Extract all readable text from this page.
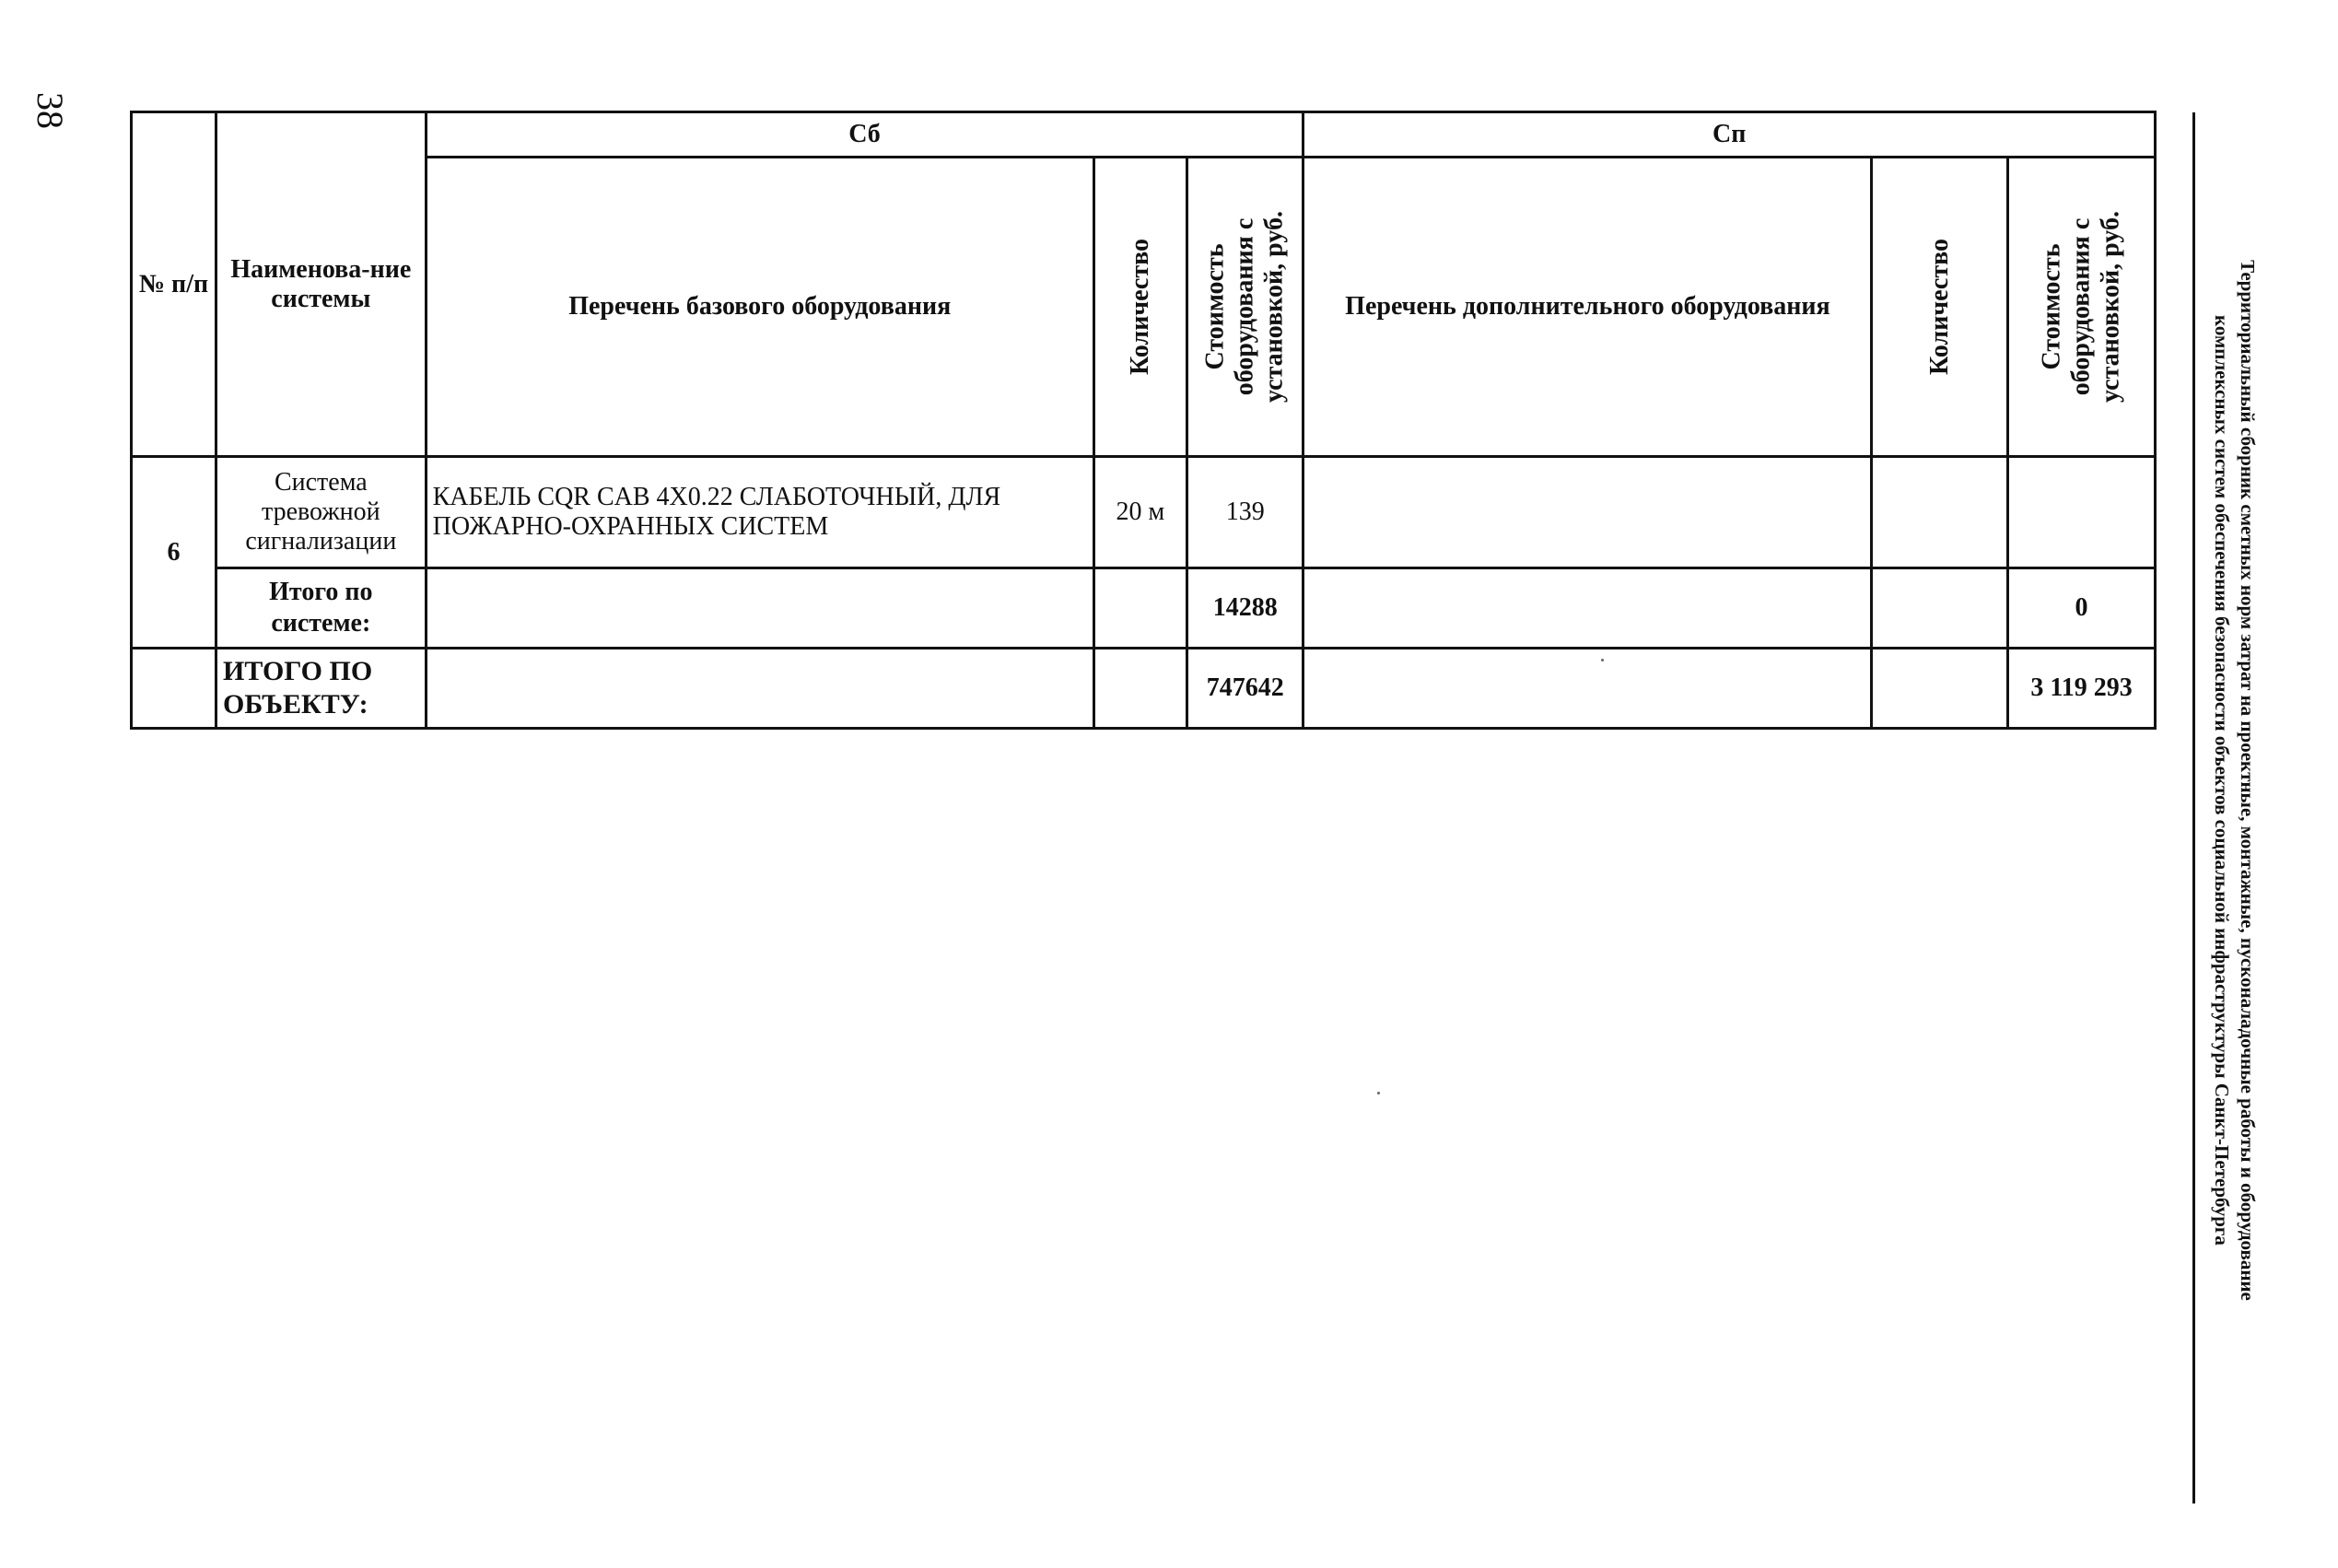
38
№ п/п	Наименова-ние системы	Сб			Сп		
		Перечень базового оборудования	Количество	Стоимость оборудования с установкой, руб.	Перечень дополнительного оборудования	Количество	Стоимость оборудования с установкой, руб.

6	Система тревожной сигнализации	КАБЕЛЬ CQR CAB 4X0.22 СЛАБОТОЧНЫЙ, ДЛЯ ПОЖАРНО-ОХРАННЫХ СИСТЕМ	20 м	139			
	Итого по системе:			14288			0
	ИТОГО ПО ОБЪЕКТУ:			747642			3 119 293	Территориальный сборник сметных норм затрат на проектные, монтажные, пусконаладочные работы и оборудование
комплексных систем обеспечения безопасности объектов социальной инфраструктуры Санкт-Петербурга
